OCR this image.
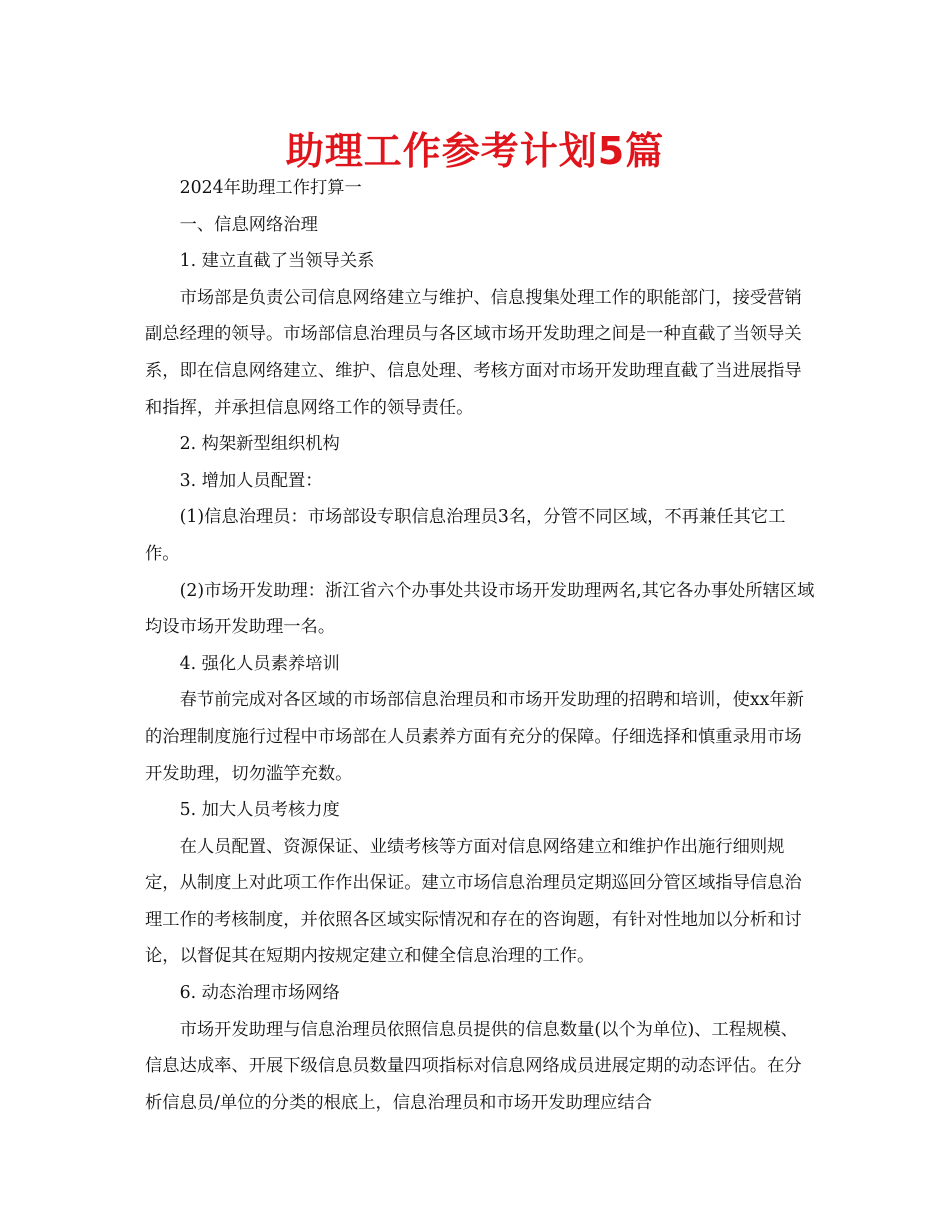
助理工作参考计划5篇

2024年助理工作打算一

一、信息网络治理

1. 建立直截了当领导关系

市场部是负责公司信息网络建立与维护、信息搜集处理工作的职能部门，接受营销副总经理的领导。市场部信息治理员与各区域市场开发助理之间是一种直截了当领导关系，即在信息网络建立、维护、信息处理、考核方面对市场开发助理直截了当进展指导和指挥，并承担信息网络工作的领导责任。

2. 构架新型组织机构

3. 增加人员配置：

(1)信息治理员：市场部设专职信息治理员3名，分管不同区域，不再兼任其它工作。

(2)市场开发助理：浙江省六个办事处共设市场开发助理两名,其它各办事处所辖区域均设市场开发助理一名。

4. 强化人员素养培训

春节前完成对各区域的市场部信息治理员和市场开发助理的招聘和培训，使xx年新的治理制度施行过程中市场部在人员素养方面有充分的保障。仔细选择和慎重录用市场开发助理，切勿滥竽充数。

5. 加大人员考核力度

在人员配置、资源保证、业绩考核等方面对信息网络建立和维护作出施行细则规定，从制度上对此项工作作出保证。建立市场信息治理员定期巡回分管区域指导信息治理工作的考核制度，并依照各区域实际情况和存在的咨询题，有针对性地加以分析和讨论，以督促其在短期内按规定建立和健全信息治理的工作。

6. 动态治理市场网络

市场开发助理与信息治理员依照信息员提供的信息数量(以个为单位)、工程规模、信息达成率、开展下级信息员数量四项指标对信息网络成员进展定期的动态评估。在分析信息员/单位的分类的根底上，信息治理员和市场开发助理应结合
